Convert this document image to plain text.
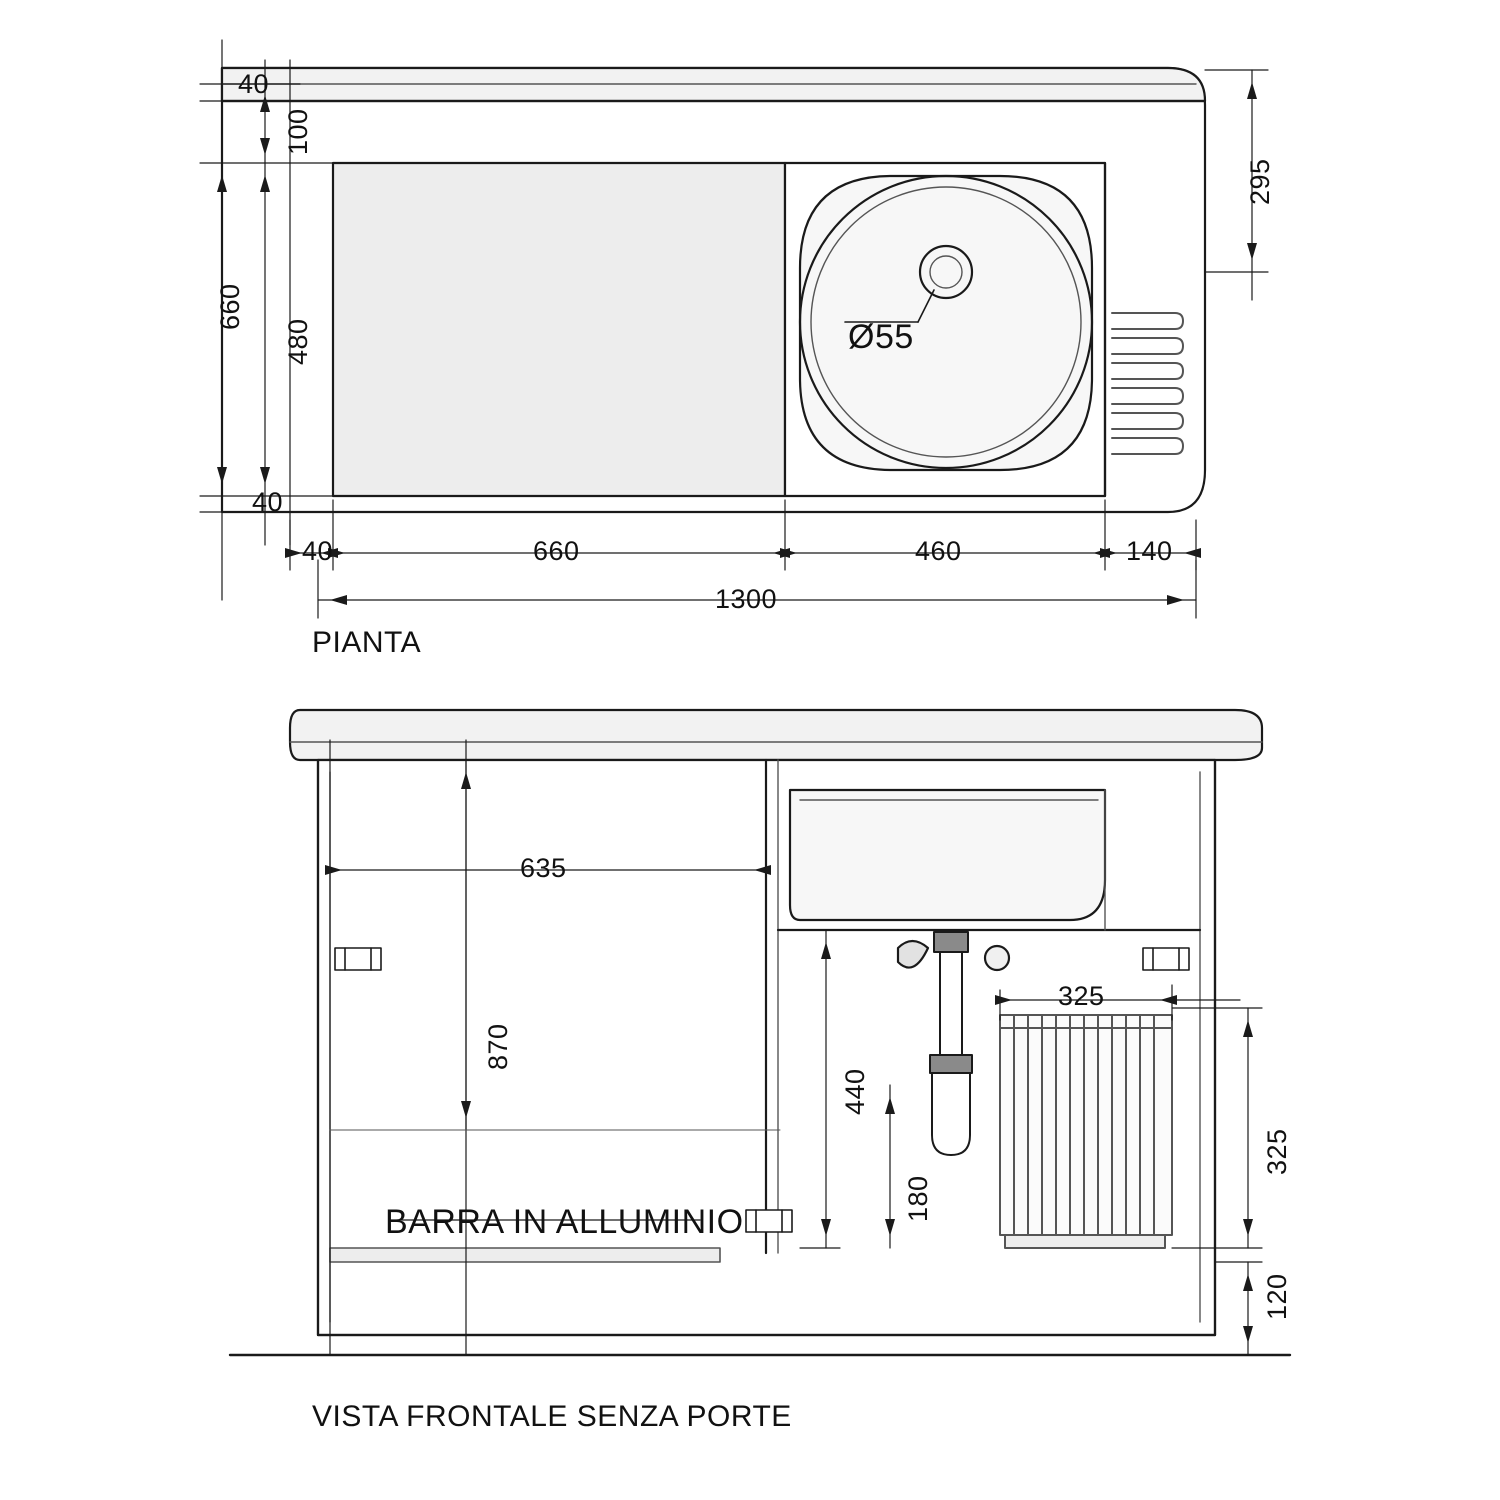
40
100
660
480
40
295
40	660	460	140
1300
Ø55
PIANTA
635
870
440
180
325
325
120
BARRA IN ALLUMINIO
VISTA FRONTALE SENZA PORTE
